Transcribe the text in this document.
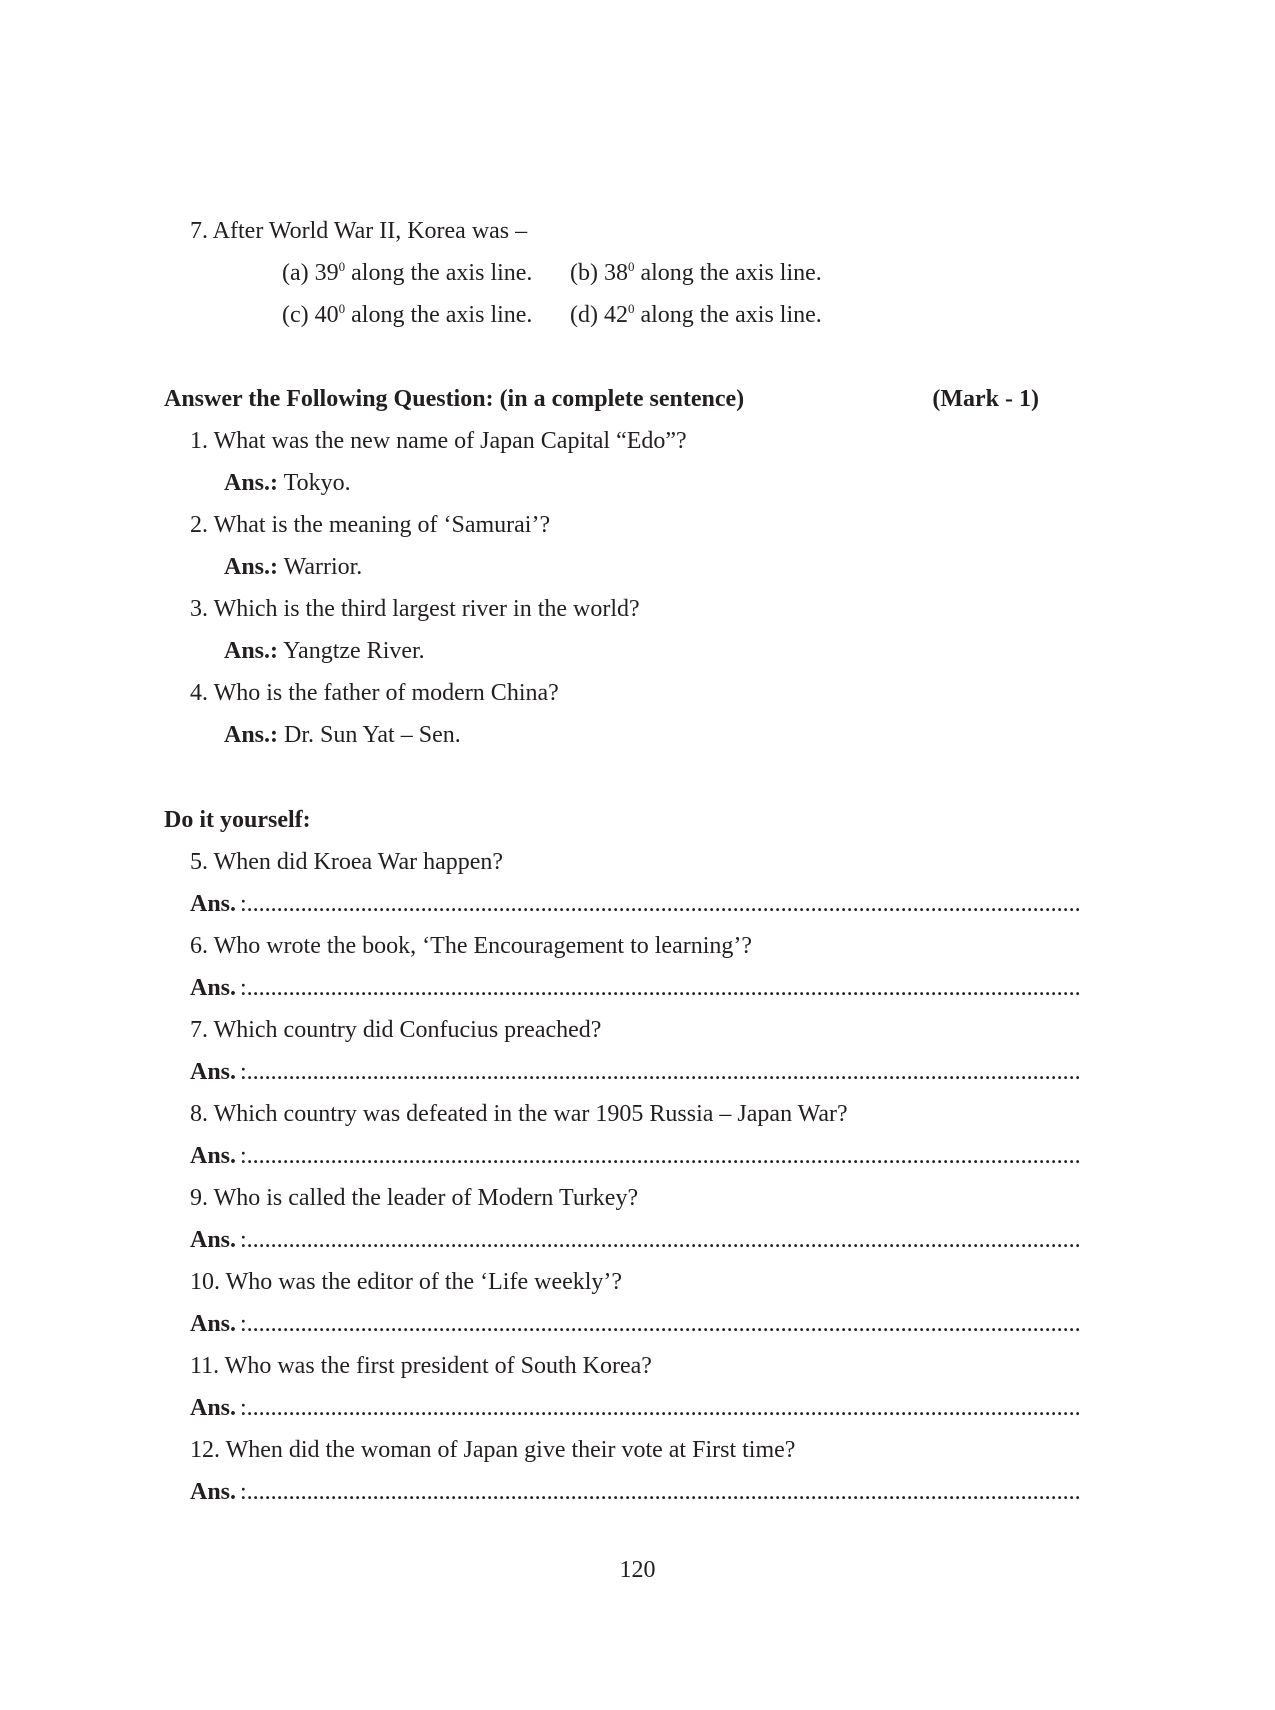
7. After World War II, Korea was –
(a) $39^0$ along the axis line. (b) $38^0$ along the axis line.
(c) $40^0$ along the axis line. (d) $42^0$ along the axis line.
Answer the Following Question: (in a complete sentence)	(Mark - 1)
1. What was the new name of Japan Capital “Edo”?
Ans.: Tokyo.
2. What is the meaning of ‘Samurai’?
Ans.: Warrior.
3. Which is the third largest river in the world?
Ans.: Yangtze River.
4. Who is the father of modern China?
Ans.: Dr. Sun Yat – Sen.
Do it yourself:
5. When did Kroea War happen?
Ans. :...........................................................................................................................................
6. Who wrote the book, ‘The Encouragement to learning’?
Ans. :...........................................................................................................................................
7. Which country did Confucius preached?
Ans. :...........................................................................................................................................
8. Which country was defeated in the war 1905 Russia – Japan War?
Ans. :...........................................................................................................................................
9. Who is called the leader of Modern Turkey?
Ans. :...........................................................................................................................................
10. Who was the editor of the ‘Life weekly’?
Ans. :...........................................................................................................................................
11. Who was the first president of South Korea?
Ans. :...........................................................................................................................................
12. When did the woman of Japan give their vote at First time?
Ans. :...........................................................................................................................................
120
